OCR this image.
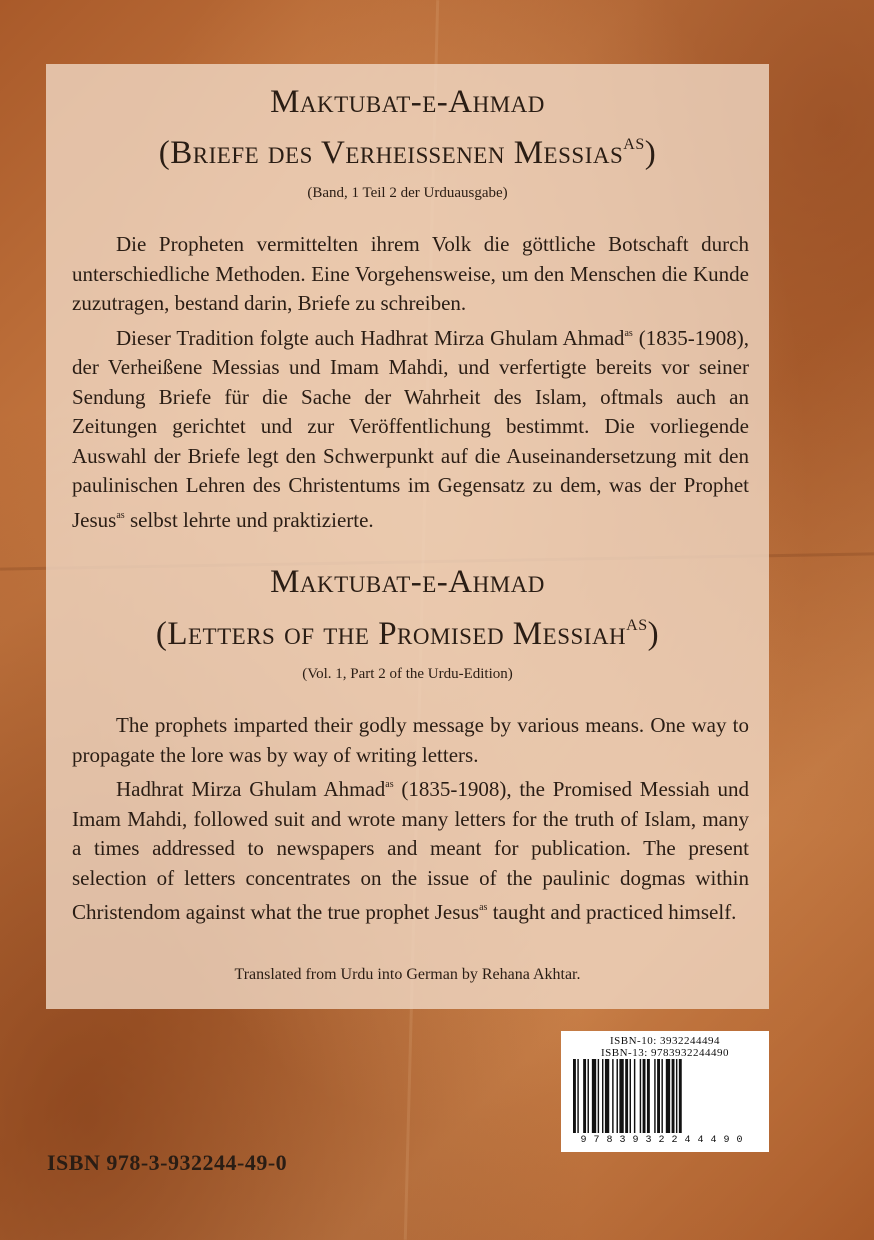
Maktubat-e-Ahmad

(Briefe des Verheißenen Messias$^{AS}$)

(Band, 1 Teil 2 der Urduausgabe)

Die Propheten vermittelten ihrem Volk die göttliche Botschaft durch unterschiedliche Methoden. Eine Vorgehensweise, um den Menschen die Kunde zuzutragen, bestand darin, Briefe zu schreiben.

Dieser Tradition folgte auch Hadhrat Mirza Ghulam Ahmad$^{as}$ (1835-1908), der Verheißene Messias und Imam Mahdi, und verfertigte bereits vor seiner Sendung Briefe für die Sache der Wahrheit des Islam, oftmals auch an Zeitungen gerichtet und zur Veröffentlichung bestimmt. Die vorliegende Auswahl der Briefe legt den Schwerpunkt auf die Auseinandersetzung mit den paulinischen Lehren des Christentums im Gegensatz zu dem, was der Prophet Jesus$^{as}$ selbst lehrte und praktizierte.

Maktubat-e-Ahmad

(Letters of the Promised Messiah$^{AS}$)

(Vol. 1, Part 2 of the Urdu-Edition)

The prophets imparted their godly message by various means. One way to propagate the lore was by way of writing letters.

Hadhrat Mirza Ghulam Ahmad$^{as}$ (1835-1908), the Promised Messiah und Imam Mahdi, followed suit and wrote many letters for the truth of Islam, many a times addressed to newspapers and meant for publication. The present selection of letters concentrates on the issue of the paulinic dogmas within Christendom against what the true prophet Jesus$^{as}$ taught and practiced himself.

Translated from Urdu into German by Rehana Akhtar.

ISBN-10: 3932244494
ISBN-13: 9783932244490
9783932244490
ISBN 978-3-932244-49-0
